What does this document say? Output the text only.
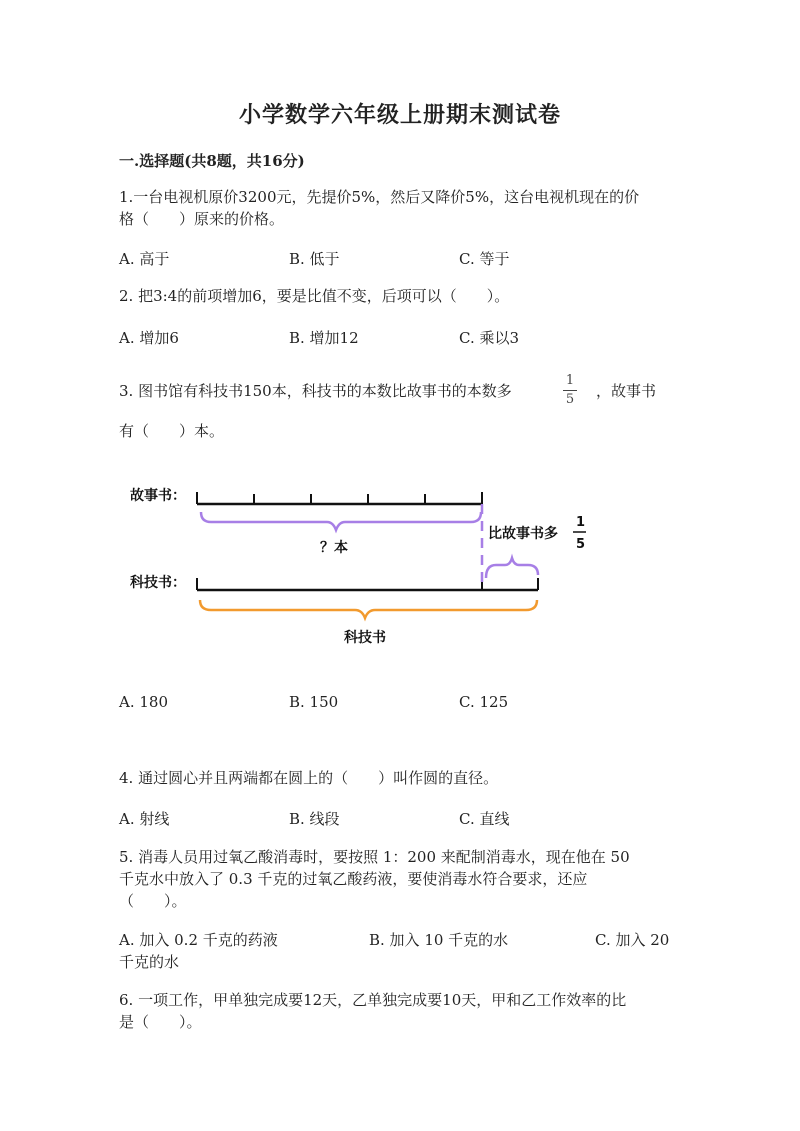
小学数学六年级上册期末测试卷
一.选择题(共8题，共16分)
1.一台电视机原价3200元，先提价5%，然后又降价5%，这台电视机现在的价
格（　　）原来的价格。
A. 高于	B. 低于	C. 等于
2. 把3:4的前项增加6，要是比值不变，后项可以（　　）。
A. 增加6	B. 增加12	C. 乘以3
3. 图书馆有科技书150本，科技书的本数比故事书的本数多
1
5	，故事书
有（　　）本。
故事书：
？本
比故事书多
1
5
科技书：
科技书
A. 180	B. 150	C. 125
4. 通过圆心并且两端都在圆上的（　　）叫作圆的直径。
A. 射线	B. 线段	C. 直线
5. 消毒人员用过氧乙酸消毒时，要按照 1：200 来配制消毒水，现在他在 50
千克水中放入了 0.3 千克的过氧乙酸药液，要使消毒水符合要求，还应
（　　）。
A. 加入 0.2 千克的药液	B. 加入 10 千克的水	C. 加入 20
千克的水
6. 一项工作，甲单独完成要12天，乙单独完成要10天，甲和乙工作效率的比
是（　　）。
